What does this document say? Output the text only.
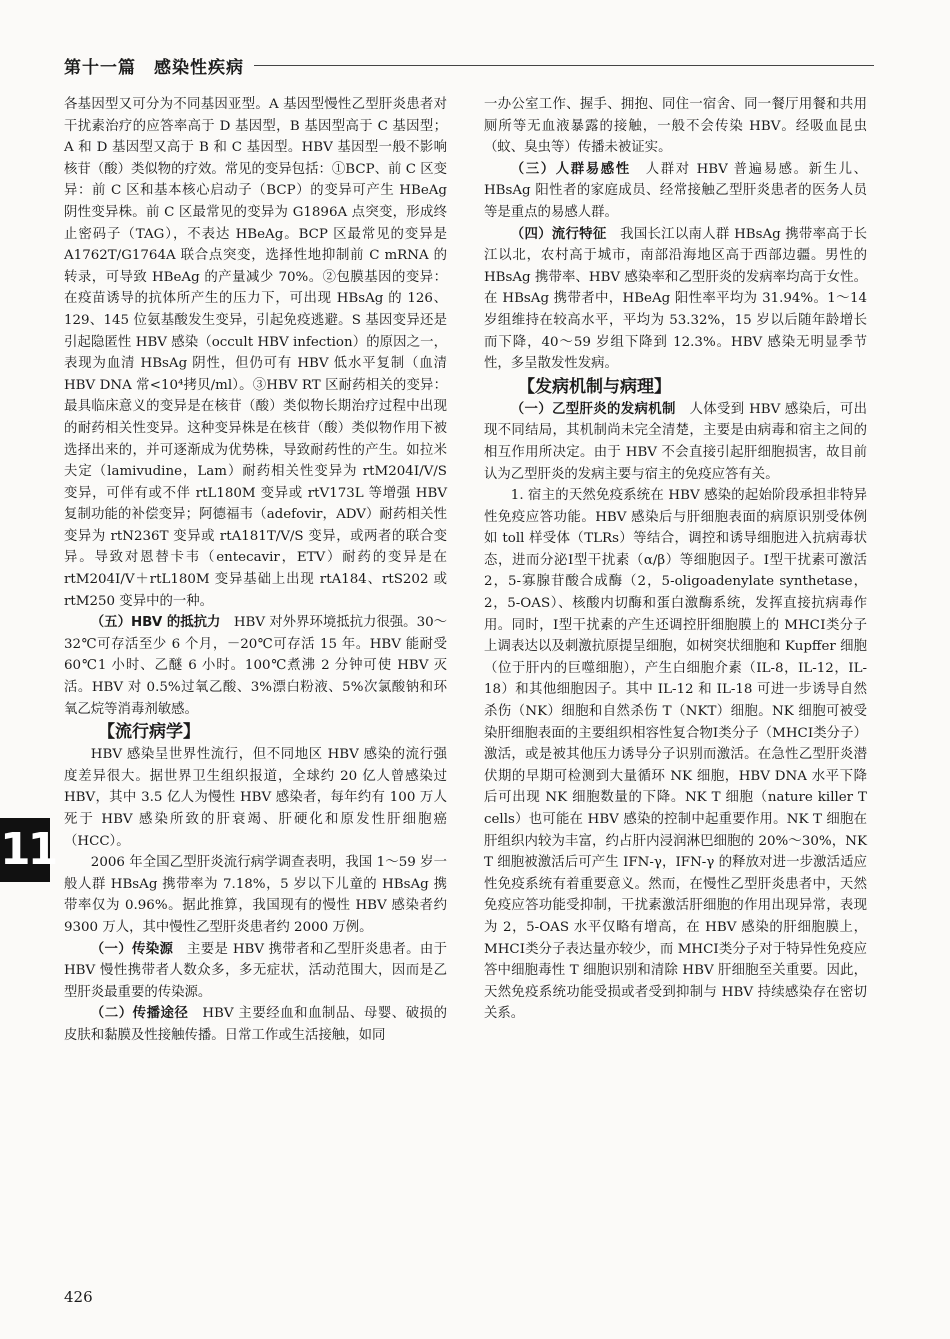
第十一篇　感染性疾病

各基因型又可分为不同基因亚型。A 基因型慢性乙型肝炎患者对干扰素治疗的应答率高于 D 基因型，B 基因型高于 C 基因型；A 和 D 基因型又高于 B 和 C 基因型。HBV 基因型一般不影响核苷（酸）类似物的疗效。常见的变异包括：①BCP、前 C 区变异：前 C 区和基本核心启动子（BCP）的变异可产生 HBeAg 阴性变异株。前 C 区最常见的变异为 G1896A 点突变，形成终止密码子（TAG），不表达 HBeAg。BCP 区最常见的变异是 A1762T/G1764A 联合点突变，选择性地抑制前 C mRNA 的转录，可导致 HBeAg 的产量减少 70%。②包膜基因的变异：在疫苗诱导的抗体所产生的压力下，可出现 HBsAg 的 126、129、145 位氨基酸发生变异，引起免疫逃避。S 基因变异还是引起隐匿性 HBV 感染（occult HBV infection）的原因之一，表现为血清 HBsAg 阴性，但仍可有 HBV 低水平复制（血清 HBV DNA 常<10⁴拷贝/ml）。③HBV RT 区耐药相关的变异：最具临床意义的变异是在核苷（酸）类似物长期治疗过程中出现的耐药相关性变异。这种变异株是在核苷（酸）类似物作用下被选择出来的，并可逐渐成为优势株，导致耐药性的产生。如拉米夫定（lamivudine，Lam）耐药相关性变异为 rtM204I/V/S 变异，可伴有或不伴 rtL180M 变异或 rtV173L 等增强 HBV 复制功能的补偿变异；阿德福韦（adefovir，ADV）耐药相关性变异为 rtN236T 变异或 rtA181T/V/S 变异，或两者的联合变异。导致对恩替卡韦（entecavir，ETV）耐药的变异是在 rtM204I/V＋rtL180M 变异基础上出现 rtA184、rtS202 或 rtM250 变异中的一种。

（五）HBV 的抵抗力　HBV 对外界环境抵抗力很强。30～32℃可存活至少 6 个月，－20℃可存活 15 年。HBV 能耐受 60℃1 小时、乙醚 6 小时。100℃煮沸 2 分钟可使 HBV 灭活。HBV 对 0.5%过氧乙酸、3%漂白粉液、5%次氯酸钠和环氧乙烷等消毒剂敏感。

【流行病学】

HBV 感染呈世界性流行，但不同地区 HBV 感染的流行强度差异很大。据世界卫生组织报道，全球约 20 亿人曾感染过 HBV，其中 3.5 亿人为慢性 HBV 感染者，每年约有 100 万人死于 HBV 感染所致的肝衰竭、肝硬化和原发性肝细胞癌（HCC）。

2006 年全国乙型肝炎流行病学调查表明，我国 1～59 岁一般人群 HBsAg 携带率为 7.18%，5 岁以下儿童的 HBsAg 携带率仅为 0.96%。据此推算，我国现有的慢性 HBV 感染者约 9300 万人，其中慢性乙型肝炎患者约 2000 万例。

（一）传染源　主要是 HBV 携带者和乙型肝炎患者。由于 HBV 慢性携带者人数众多，多无症状，活动范围大，因而是乙型肝炎最重要的传染源。

（二）传播途径　HBV 主要经血和血制品、母婴、破损的皮肤和黏膜及性接触传播。日常工作或生活接触，如同

一办公室工作、握手、拥抱、同住一宿舍、同一餐厅用餐和共用厕所等无血液暴露的接触，一般不会传染 HBV。经吸血昆虫（蚊、臭虫等）传播未被证实。

（三）人群易感性　人群对 HBV 普遍易感。新生儿、HBsAg 阳性者的家庭成员、经常接触乙型肝炎患者的医务人员等是重点的易感人群。

（四）流行特征　我国长江以南人群 HBsAg 携带率高于长江以北，农村高于城市，南部沿海地区高于西部边疆。男性的 HBsAg 携带率、HBV 感染率和乙型肝炎的发病率均高于女性。在 HBsAg 携带者中，HBeAg 阳性率平均为 31.94%。1～14 岁组维持在较高水平，平均为 53.32%，15 岁以后随年龄增长而下降，40～59 岁组下降到 12.3%。HBV 感染无明显季节性，多呈散发性发病。

【发病机制与病理】

（一）乙型肝炎的发病机制　人体受到 HBV 感染后，可出现不同结局，其机制尚未完全清楚，主要是由病毒和宿主之间的相互作用所决定。由于 HBV 不会直接引起肝细胞损害，故目前认为乙型肝炎的发病主要与宿主的免疫应答有关。

1. 宿主的天然免疫系统在 HBV 感染的起始阶段承担非特异性免疫应答功能。HBV 感染后与肝细胞表面的病原识别受体例如 toll 样受体（TLRs）等结合，调控和诱导细胞进入抗病毒状态，进而分泌Ⅰ型干扰素（α/β）等细胞因子。Ⅰ型干扰素可激活 2，5-寡腺苷酸合成酶（2，5-oligoadenylate synthetase，2，5-OAS）、核酸内切酶和蛋白激酶系统，发挥直接抗病毒作用。同时，Ⅰ型干扰素的产生还调控肝细胞膜上的 MHCⅠ类分子上调表达以及刺激抗原提呈细胞，如树突状细胞和 Kupffer 细胞（位于肝内的巨噬细胞），产生白细胞介素（IL-8，IL-12，IL-18）和其他细胞因子。其中 IL-12 和 IL-18 可进一步诱导自然杀伤（NK）细胞和自然杀伤 T（NKT）细胞。NK 细胞可被受染肝细胞表面的主要组织相容性复合物Ⅰ类分子（MHCⅠ类分子）激活，或是被其他压力诱导分子识别而激活。在急性乙型肝炎潜伏期的早期可检测到大量循环 NK 细胞，HBV DNA 水平下降后可出现 NK 细胞数量的下降。NK T 细胞（nature killer T cells）也可能在 HBV 感染的控制中起重要作用。NK T 细胞在肝组织内较为丰富，约占肝内浸润淋巴细胞的 20%～30%，NK T 细胞被激活后可产生 IFN-γ，IFN-γ 的释放对进一步激活适应性免疫系统有着重要意义。然而，在慢性乙型肝炎患者中，天然免疫应答功能受抑制，干扰素激活肝细胞的作用出现异常，表现为 2，5-OAS 水平仅略有增高，在 HBV 感染的肝细胞膜上，MHCⅠ类分子表达量亦较少，而 MHCⅠ类分子对于特异性免疫应答中细胞毒性 T 细胞识别和清除 HBV 肝细胞至关重要。因此，天然免疫系统功能受损或者受到抑制与 HBV 持续感染存在密切关系。

11
426
